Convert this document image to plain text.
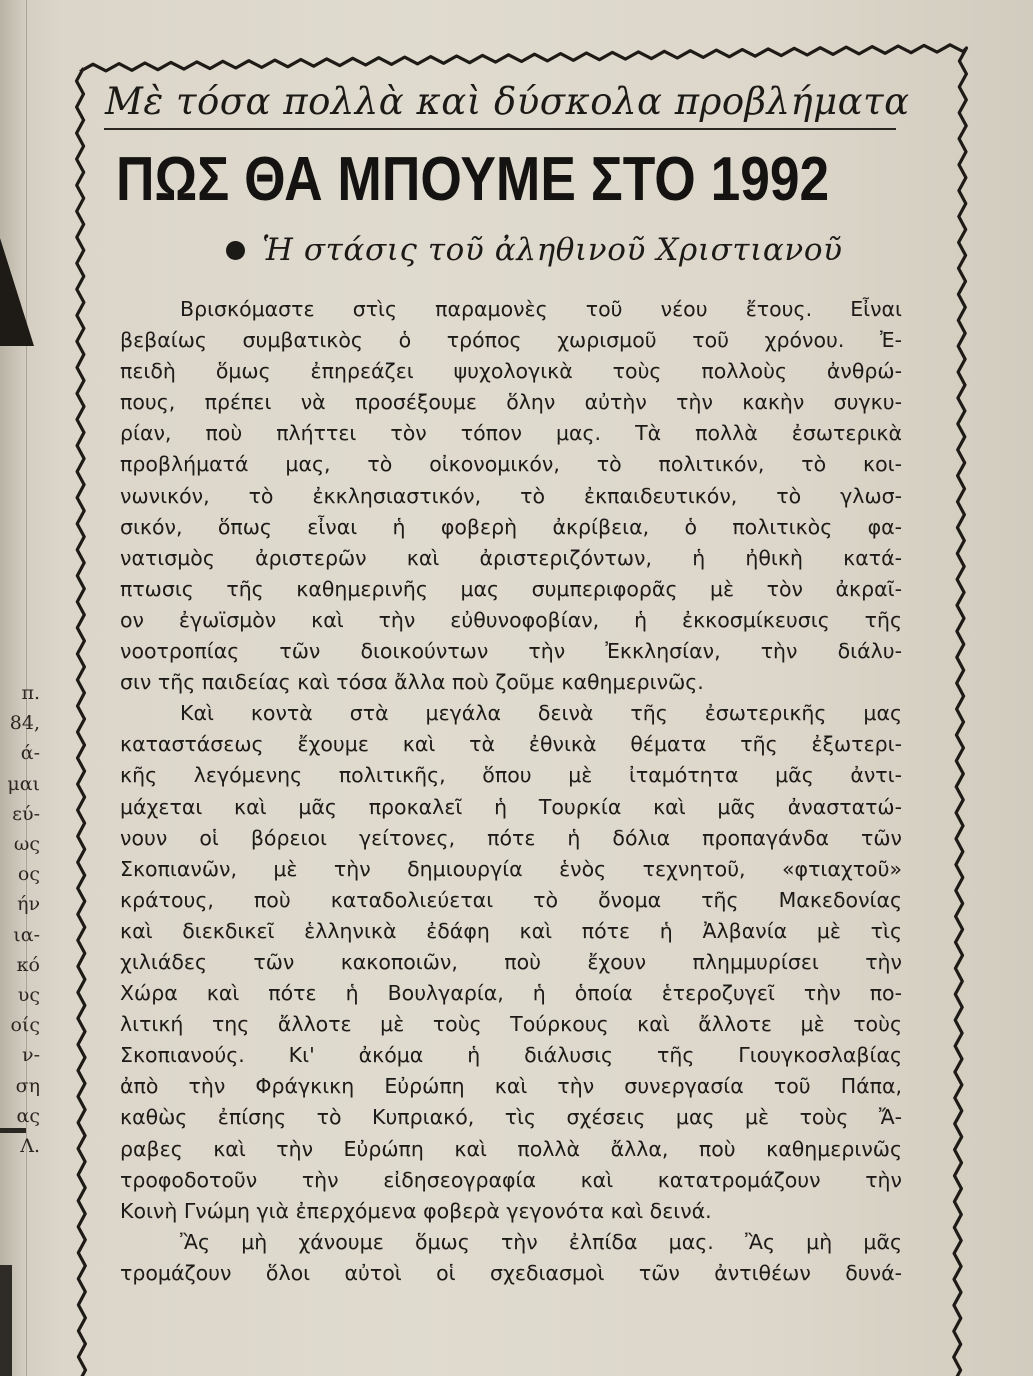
π.
84,
ά-
μαι
εύ-
ως
ος
ήν
ια-
κό
υς
οίς
ν-
ση
ας
Λ.
Μὲ τόσα πολλὰ καὶ δύσκολα προβλήματα
ΠΩΣ ΘΑ ΜΠΟΥΜΕ ΣΤΟ 1992
Ἡ στάσις τοῦ ἀληθινοῦ Χριστιανοῦ
Βρισκόμαστε στὶς παραμονὲς τοῦ νέου ἔτους. Εἶναι
βεβαίως συμβατικὸς ὁ τρόπος χωρισμοῦ τοῦ χρόνου. Ἐ-
πειδὴ ὅμως ἐπηρεάζει ψυχολογικὰ τοὺς πολλοὺς ἀνθρώ-
πους, πρέπει νὰ προσέξουμε ὅλην αὐτὴν τὴν κακὴν συγκυ-
ρίαν, ποὺ πλήττει τὸν τόπον μας. Τὰ πολλὰ ἐσωτερικὰ
προβλήματά μας, τὸ οἰκονομικόν, τὸ πολιτικόν, τὸ κοι-
νωνικόν, τὸ ἐκκλησιαστικόν, τὸ ἐκπαιδευτικόν, τὸ γλωσ-
σικόν, ὅπως εἶναι ἡ φοβερὴ ἀκρίβεια, ὁ πολιτικὸς φα-
νατισμὸς ἀριστερῶν καὶ ἀριστεριζόντων, ἡ ἠθικὴ κατά-
πτωσις τῆς καθημερινῆς μας συμπεριφορᾶς μὲ τὸν ἀκραῖ-
ον ἐγωϊσμὸν καὶ τὴν εὐθυνοφοβίαν, ἡ ἐκκοσμίκευσις τῆς
νοοτροπίας τῶν διοικούντων τὴν Ἐκκλησίαν, τὴν διάλυ-
σιν τῆς παιδείας καὶ τόσα ἄλλα ποὺ ζοῦμε καθημερινῶς.
Καὶ κοντὰ στὰ μεγάλα δεινὰ τῆς ἐσωτερικῆς μας
καταστάσεως ἔχουμε καὶ τὰ ἐθνικὰ θέματα τῆς ἐξωτερι-
κῆς λεγόμενης πολιτικῆς, ὅπου μὲ ἰταμότητα μᾶς ἀντι-
μάχεται καὶ μᾶς προκαλεῖ ἡ Τουρκία καὶ μᾶς ἀναστατώ-
νουν οἱ βόρειοι γείτονες, πότε ἡ δόλια προπαγάνδα τῶν
Σκοπιανῶν, μὲ τὴν δημιουργία ἑνὸς τεχνητοῦ, «φτιαχτοῦ»
κράτους, ποὺ καταδολιεύεται τὸ ὄνομα τῆς Μακεδονίας
καὶ διεκδικεῖ ἑλληνικὰ ἐδάφη καὶ πότε ἡ Ἀλβανία μὲ τὶς
χιλιάδες τῶν κακοποιῶν, ποὺ ἔχουν πλημμυρίσει τὴν
Χώρα καὶ πότε ἡ Βουλγαρία, ἡ ὁποία ἑτεροζυγεῖ τὴν πο-
λιτική της ἄλλοτε μὲ τοὺς Τούρκους καὶ ἄλλοτε μὲ τοὺς
Σκοπιανούς. Κι' ἀκόμα ἡ διάλυσις τῆς Γιουγκοσλαβίας
ἀπὸ τὴν Φράγκικη Εὐρώπη καὶ τὴν συνεργασία τοῦ Πάπα,
καθὼς ἐπίσης τὸ Κυπριακό, τὶς σχέσεις μας μὲ τοὺς Ἄ-
ραβες καὶ τὴν Εὐρώπη καὶ πολλὰ ἄλλα, ποὺ καθημερινῶς
τροφοδοτοῦν τὴν εἰδησεογραφία καὶ κατατρομάζουν τὴν
Κοινὴ Γνώμη γιὰ ἐπερχόμενα φοβερὰ γεγονότα καὶ δεινά.
Ἂς μὴ χάνουμε ὅμως τὴν ἐλπίδα μας. Ἂς μὴ μᾶς
τρομάζουν ὅλοι αὐτοὶ οἱ σχεδιασμοὶ τῶν ἀντιθέων δυνά-
